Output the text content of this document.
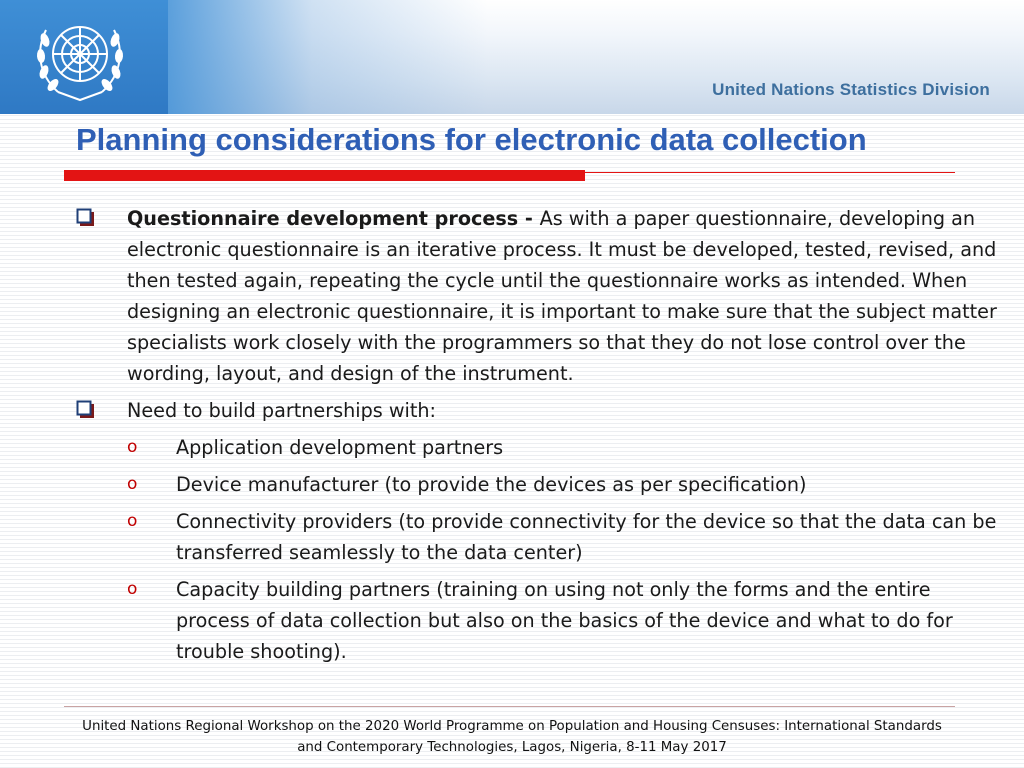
United Nations Statistics Division
Planning considerations for electronic data collection
Questionnaire development process - As with a paper questionnaire, developing an electronic questionnaire is an iterative process. It must be developed, tested, revised, and then tested again, repeating the cycle until the questionnaire works as intended. When designing an electronic questionnaire, it is important to make sure that the subject matter specialists work closely with the programmers so that they do not lose control over the wording, layout, and design of the instrument.
Need to build partnerships with:
o Application development partners
o Device manufacturer (to provide the devices as per specification)
o Connectivity providers (to provide connectivity for the device so that the data can be transferred seamlessly to the data center)
o Capacity building partners (training on using not only the forms and the entire process of data collection but also on the basics of the device and what to do for trouble shooting).
United Nations Regional Workshop on the 2020 World Programme on Population and Housing Censuses: International Standards
and Contemporary Technologies, Lagos, Nigeria, 8-11 May 2017
